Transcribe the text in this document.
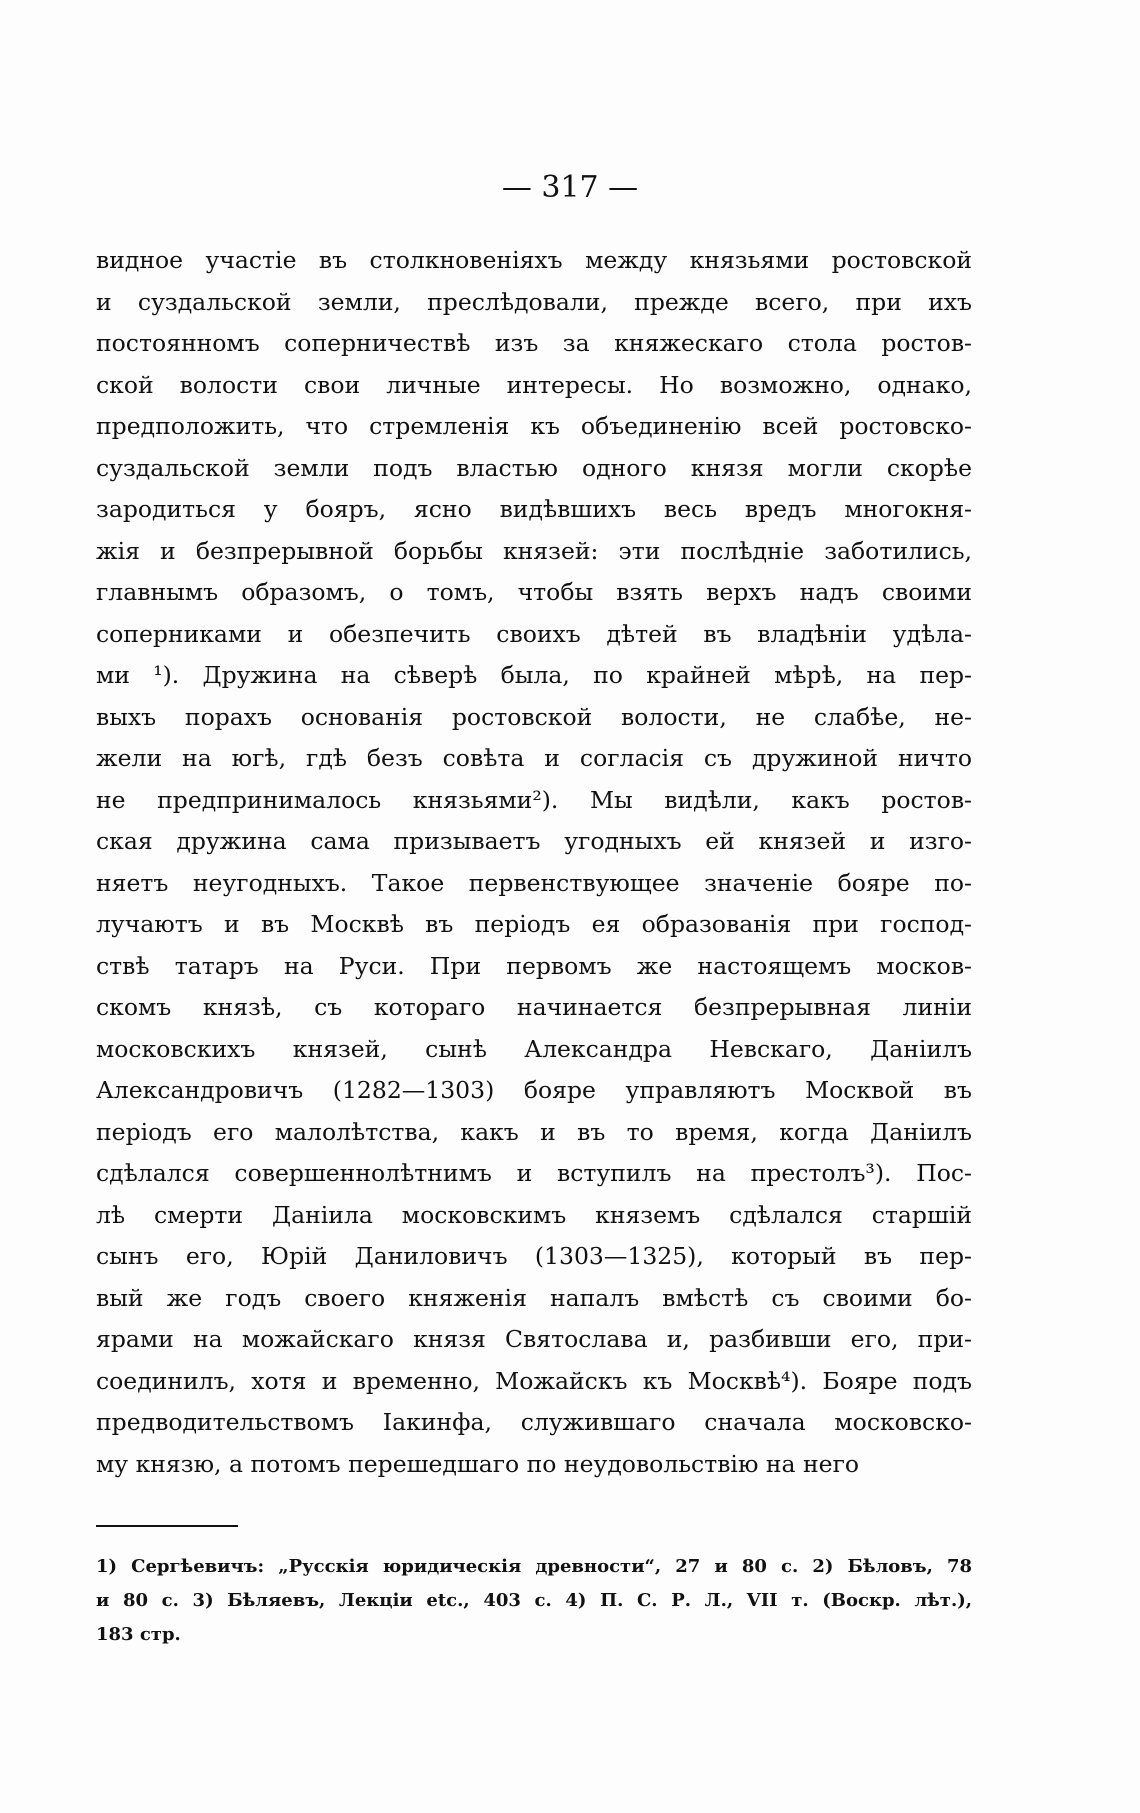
— 317 —
видное участіе въ столкновеніяхъ между князьями ростовской
и суздальской земли, преслѣдовали, прежде всего, при ихъ
постоянномъ соперничествѣ изъ за княжескаго стола ростов-
ской волости свои личные интересы. Но возможно, однако,
предположить, что стремленія къ объединенію всей ростовско-
суздальской земли подъ властью одного князя могли скорѣе
зародиться у бояръ, ясно видѣвшихъ весь вредъ многокня-
жія и безпрерывной борьбы князей: эти послѣдніе заботились,
главнымъ образомъ, о томъ, чтобы взять верхъ надъ своими
соперниками и обезпечить своихъ дѣтей въ владѣніи удѣла-
ми ¹). Дружина на сѣверѣ была, по крайней мѣрѣ, на пер-
выхъ порахъ основанія ростовской волости, не слабѣе, не-
жели на югѣ, гдѣ безъ совѣта и согласія съ дружиной ничто
не предпринималось князьями²). Мы видѣли, какъ ростов-
ская дружина сама призываетъ угодныхъ ей князей и изго-
няетъ неугодныхъ. Такое первенствующее значеніе бояре по-
лучаютъ и въ Москвѣ въ періодъ ея образованія при господ-
ствѣ татаръ на Руси. При первомъ же настоящемъ москов-
скомъ князѣ, съ котораго начинается безпрерывная линіи
московскихъ князей, сынѣ Александра Невскаго, Даніилъ
Александровичъ (1282—1303) бояре управляютъ Москвой въ
періодъ его малолѣтства, какъ и въ то время, когда Даніилъ
сдѣлался совершеннолѣтнимъ и вступилъ на престолъ³). Пос-
лѣ смерти Даніила московскимъ княземъ сдѣлался старшій
сынъ его, Юрій Даниловичъ (1303—1325), который въ пер-
вый же годъ своего княженія напалъ вмѣстѣ съ своими бо-
ярами на можайскаго князя Святослава и, разбивши его, при-
соединилъ, хотя и временно, Можайскъ къ Москвѣ⁴). Бояре подъ
предводительствомъ Іакинфа, служившаго сначала московско-
му князю, а потомъ перешедшаго по неудовольствію на него
1) Сергѣевичъ: „Русскія юридическія древности“, 27 и 80 с. 2) Бѣловъ, 78
и 80 с. 3) Бѣляевъ, Лекціи etc., 403 с. 4) П. С. Р. Л., VII т. (Воскр. лѣт.),
183 стр.
